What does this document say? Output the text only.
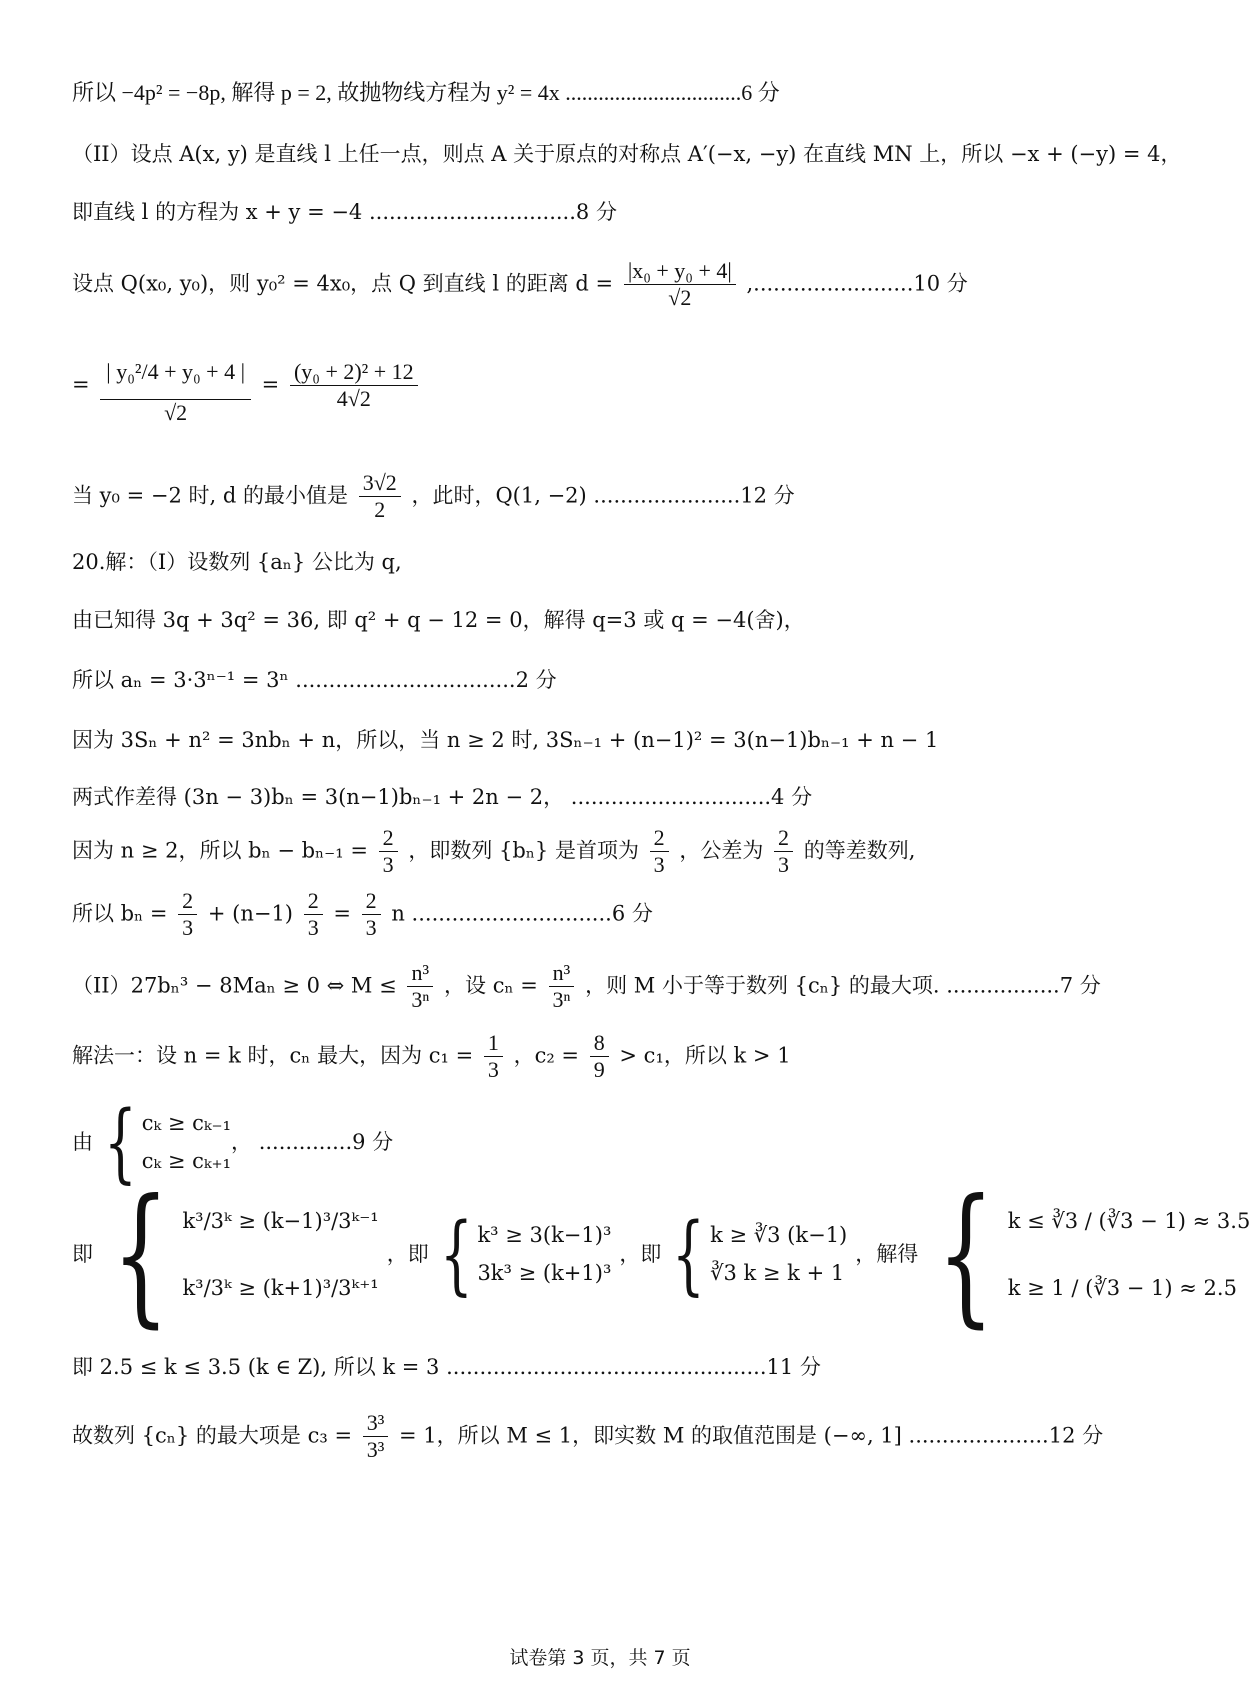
所以 −4p² = −8p, 解得 p = 2, 故抛物线方程为 y² = 4x ................................6 分
（II）设点 A(x, y) 是直线 l 上任一点，则点 A 关于原点的对称点 A′(−x, −y) 在直线 MN 上，所以 −x + (−y) = 4，
即直线 l 的方程为 x + y = −4 ...............................8 分
设点 Q(x₀, y₀)，则 y₀² = 4x₀，点 Q 到直线 l 的距离 $d = \frac{\text{|x₀ + y₀ + 4|}}{√2} ,........................10$ 分
= $\frac{\text{| y₀²/4 + y₀ + 4 |}}{√2} = \frac{\text{(y₀ + 2)² + 12}}{4√2}$
当 y₀ = −2 时, d 的最小值是 $\frac{3√2}{2}$ ，此时，Q(1, −2) ......................12 分
20.解：（I）设数列 {aₙ} 公比为 q,
由已知得 3q + 3q² = 36, 即 q² + q − 12 = 0，解得 q=3 或 q = −4(舍)，
所以 aₙ = 3·3ⁿ⁻¹ = 3ⁿ .................................2 分
因为 3Sₙ + n² = 3nbₙ + n，所以，当 n ≥ 2 时, 3Sₙ₋₁ + (n−1)² = 3(n−1)bₙ₋₁ + n − 1
两式作差得 (3n − 3)bₙ = 3(n−1)bₙ₋₁ + 2n − 2， ..............................4 分
因为 n ≥ 2，所以 $b_n - b_{n-1} = \frac{2}{3}$ ，即数列 {bₙ} 是首项为 $\frac{2}{3}$ ，公差为 $\frac{2}{3}$ 的等差数列,
所以 $b_n = \frac{2}{3} + (n-1) \frac{2}{3} = \frac{2}{3}$ n ..............................6 分
（II）27bₙ³ − 8Maₙ ≥ 0 ⇔ $M \le \frac{\text{n³}}{\text{3ⁿ}}$ ，设 $c_n = \frac{\text{n³}}{\text{3ⁿ}}$ ，则 M 小于等于数列 {cₙ} 的最大项. .................7 分
解法一：设 n = k 时，cₙ 最大，因为 $c_1 = \frac{1}{3}$ ，$c_2 = \frac{8}{9} > c_1$，所以 k > 1
由 { cₖ ≥ cₖ₋₁
cₖ ≥ cₖ₊₁
， ..............9 分
即 { k³/3ᵏ ≥ (k−1)³/3ᵏ⁻¹
k³/3ᵏ ≥ (k+1)³/3ᵏ⁺¹
，即 { k³ ≥ 3(k−1)³
3k³ ≥ (k+1)³
，即 { k ≥ ∛3 (k−1)
∛3 k ≥ k + 1
，解得 { k ≤ ∛3 / (∛3 − 1) ≈ 3.5
k ≥ 1 / (∛3 − 1) ≈ 2.5
即 2.5 ≤ k ≤ 3.5 (k ∈ Z), 所以 k = 3 ................................................11 分
故数列 {cₙ} 的最大项是 $c_3 = \frac{\text{3³}}{\text{3³}} = 1$，所以 M ≤ 1，即实数 M 的取值范围是 (−∞, 1] .....................12 分
试卷第 3 页，共 7 页
